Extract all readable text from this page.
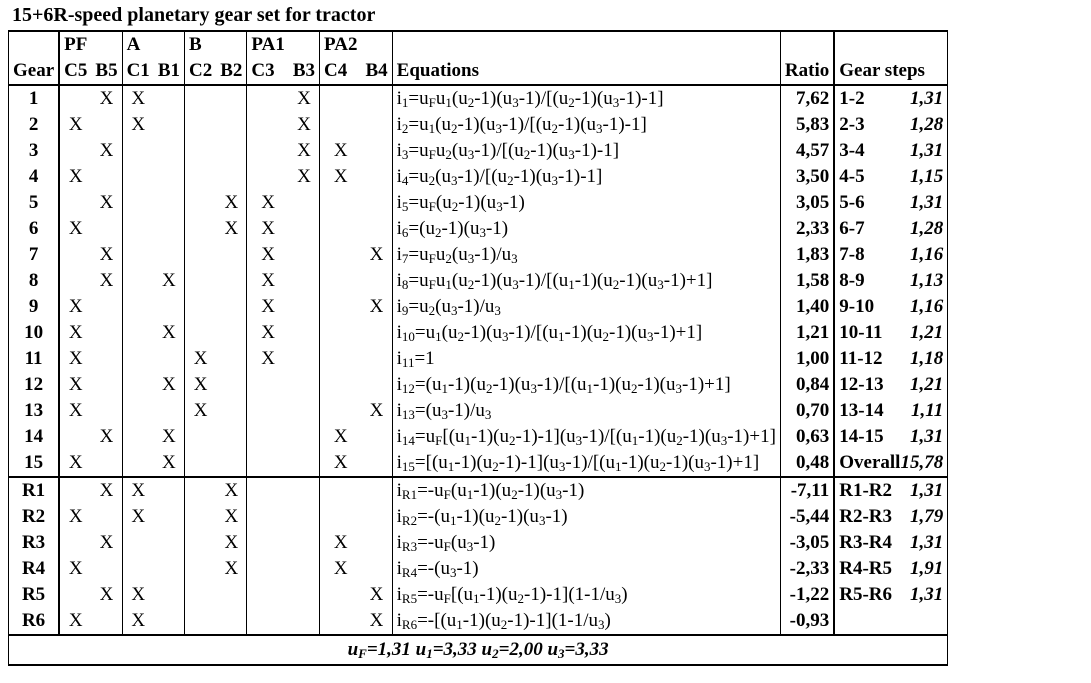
15+6R-speed planetary gear set for tractor
	PF		A		B		PA1		PA2				
Gear	C5	B5	C1	B1	C2	B2	C3	B3	C4	B4	Equations	Ratio	Gear steps
1		X	X					X			$i_1=u_Fu_1(u_2-1)(u_3-1)/[(u_2-1)(u_3-1)-1]$	7,62	1-2 1,31

2	X		X					X			$i_2=u_1(u_2-1)(u_3-1)/[(u_2-1)(u_3-1)-1]$	5,83	2-3 1,28

3		X						X	X		$i_3=u_Fu_2(u_3-1)/[(u_2-1)(u_3-1)-1]$	4,57	3-4 1,31

4	X							X	X		$i_4=u_2(u_3-1)/[(u_2-1)(u_3-1)-1]$	3,50	4-5 1,15

5		X				X	X				$i_5=u_F(u_2-1)(u_3-1)$	3,05	5-6 1,31

6	X					X	X				$i_6=(u_2-1)(u_3-1)$	2,33	6-7 1,28

7		X					X			X	$i_7=u_Fu_2(u_3-1)/u_3$	1,83	7-8 1,16

8		X		X			X				$i_8=u_Fu_1(u_2-1)(u_3-1)/[(u_1-1)(u_2-1)(u_3-1)+1]$	1,58	8-9 1,13

9	X						X			X	$i_9=u_2(u_3-1)/u_3$	1,40	9-10 1,16

10	X			X			X				$i_{10}=u_1(u_2-1)(u_3-1)/[(u_1-1)(u_2-1)(u_3-1)+1]$	1,21	10-11 1,21

11	X				X		X				$i_{11}=1$	1,00	11-12 1,18

12	X			X	X						$i_{12}=(u_1-1)(u_2-1)(u_3-1)/[(u_1-1)(u_2-1)(u_3-1)+1]$	0,84	12-13 1,21

13	X				X					X	$i_{13}=(u_3-1)/u_3$	0,70	13-14 1,11

14		X		X					X		$i_{14}=u_F[(u_1-1)(u_2-1)-1](u_3-1)/[(u_1-1)(u_2-1)(u_3-1)+1]$	0,63	14-15 1,31

15	X			X					X		$i_{15}=[(u_1-1)(u_2-1)-1](u_3-1)/[(u_1-1)(u_2-1)(u_3-1)+1]$	0,48	Overall 15,78

R1		X	X			X					$i_{R1}=-u_F(u_1-1)(u_2-1)(u_3-1)$	-7,11	R1-R2 1,31

R2	X		X			X					$i_{R2}=-(u_1-1)(u_2-1)(u_3-1)$	-5,44	R2-R3 1,79

R3		X				X			X		$i_{R3}=-u_F(u_3-1)$	-3,05	R3-R4 1,31

R4	X					X			X		$i_{R4}=-(u_3-1)$	-2,33	R4-R5 1,91

R5		X	X							X	$i_{R5}=-u_F[(u_1-1)(u_2-1)-1](1-1/u_3)$	-1,22	R5-R6 1,31

R6	X		X							X	$i_{R6}=-[(u_1-1)(u_2-1)-1](1-1/u_3)$	-0,93	

$u_F=1,31$ $u_1=3,33$ $u_2=2,00$ $u_3=3,33$													
